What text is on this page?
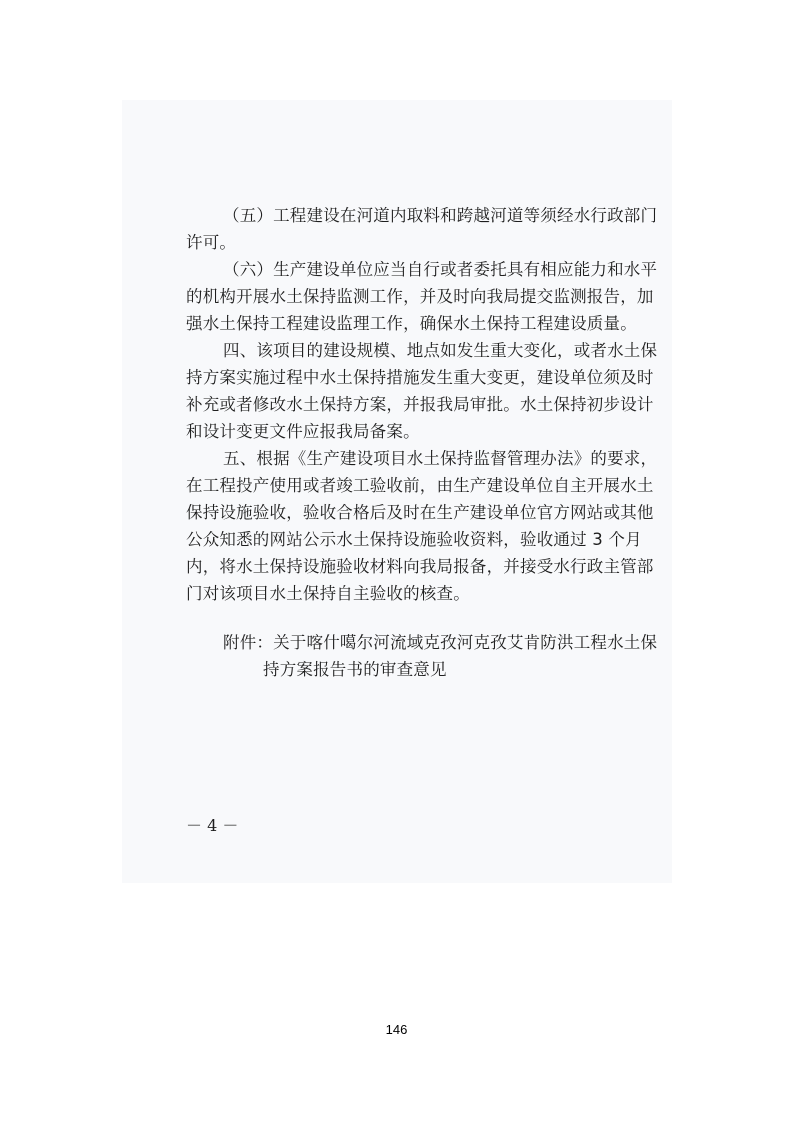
（五）工程建设在河道内取料和跨越河道等须经水行政部门
许可。
（六）生产建设单位应当自行或者委托具有相应能力和水平
的机构开展水土保持监测工作，并及时向我局提交监测报告，加
强水土保持工程建设监理工作，确保水土保持工程建设质量。
四、该项目的建设规模、地点如发生重大变化，或者水土保
持方案实施过程中水土保持措施发生重大变更，建设单位须及时
补充或者修改水土保持方案，并报我局审批。水土保持初步设计
和设计变更文件应报我局备案。
五、根据《生产建设项目水土保持监督管理办法》的要求，
在工程投产使用或者竣工验收前，由生产建设单位自主开展水土
保持设施验收，验收合格后及时在生产建设单位官方网站或其他
公众知悉的网站公示水土保持设施验收资料，验收通过 3 个月
内，将水土保持设施验收材料向我局报备，并接受水行政主管部
门对该项目水土保持自主验收的核查。
附件：关于喀什噶尔河流域克孜河克孜艾肯防洪工程水土保
持方案报告书的审查意见
－ 4 －
146
